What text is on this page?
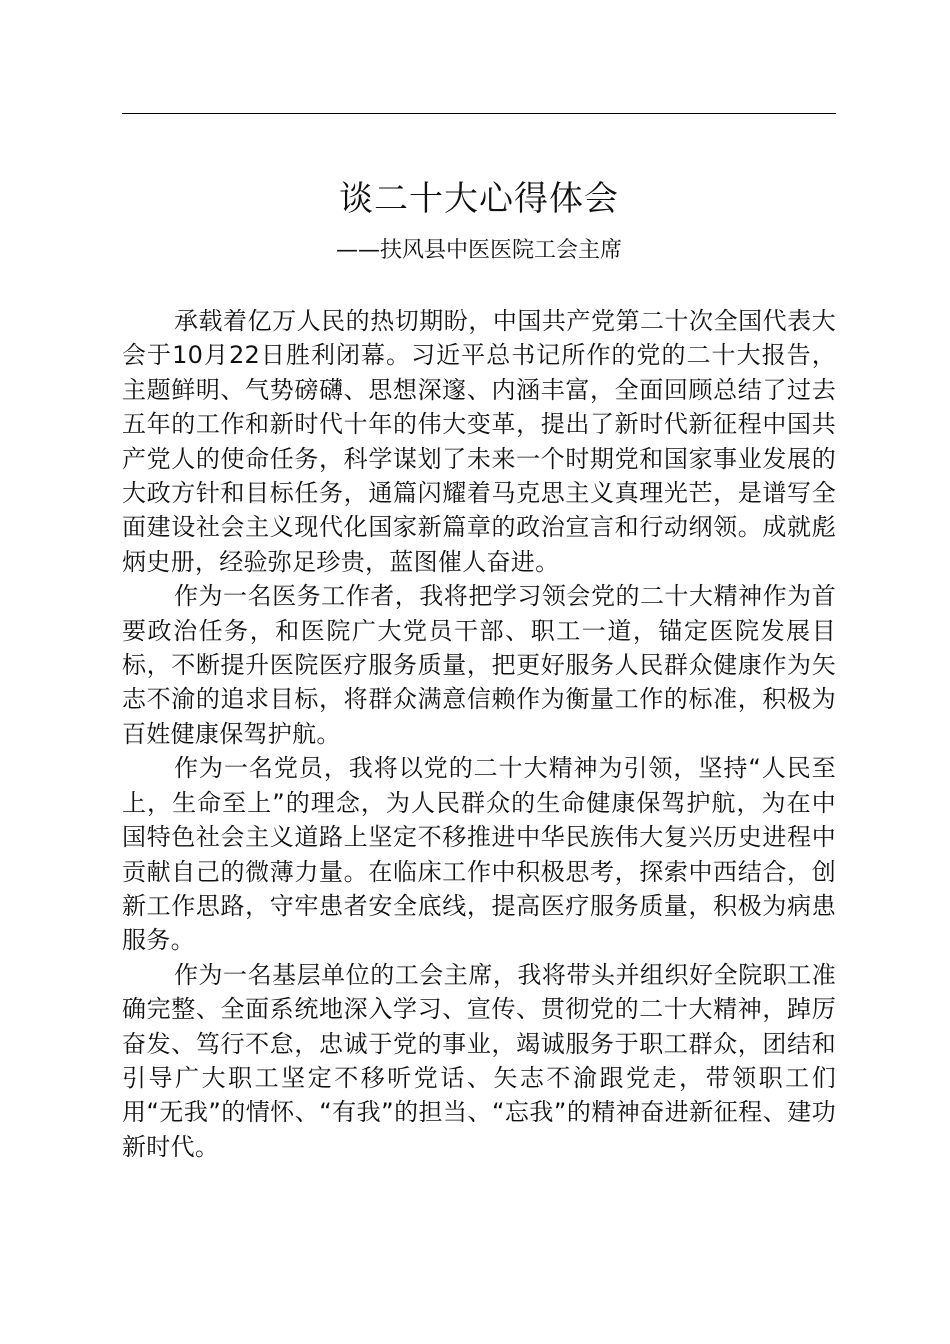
谈二十大心得体会

——扶风县中医医院工会主席

承载着亿万人民的热切期盼，中国共产党第二十次全国代表大会于10月22日胜利闭幕。习近平总书记所作的党的二十大报告，主题鲜明、气势磅礴、思想深邃、内涵丰富，全面回顾总结了过去五年的工作和新时代十年的伟大变革，提出了新时代新征程中国共产党人的使命任务，科学谋划了未来一个时期党和国家事业发展的大政方针和目标任务，通篇闪耀着马克思主义真理光芒，是谱写全面建设社会主义现代化国家新篇章的政治宣言和行动纲领。成就彪炳史册，经验弥足珍贵，蓝图催人奋进。

作为一名医务工作者，我将把学习领会党的二十大精神作为首要政治任务，和医院广大党员干部、职工一道，锚定医院发展目标，不断提升医院医疗服务质量，把更好服务人民群众健康作为矢志不渝的追求目标，将群众满意信赖作为衡量工作的标准，积极为百姓健康保驾护航。

作为一名党员，我将以党的二十大精神为引领，坚持“人民至上，生命至上”的理念，为人民群众的生命健康保驾护航，为在中国特色社会主义道路上坚定不移推进中华民族伟大复兴历史进程中贡献自己的微薄力量。在临床工作中积极思考，探索中西结合，创新工作思路，守牢患者安全底线，提高医疗服务质量，积极为病患服务。

作为一名基层单位的工会主席，我将带头并组织好全院职工准确完整、全面系统地深入学习、宣传、贯彻党的二十大精神，踔厉奋发、笃行不怠，忠诚于党的事业，竭诚服务于职工群众，团结和引导广大职工坚定不移听党话、矢志不渝跟党走，带领职工们用“无我”的情怀、“有我”的担当、“忘我”的精神奋进新征程、建功新时代。
